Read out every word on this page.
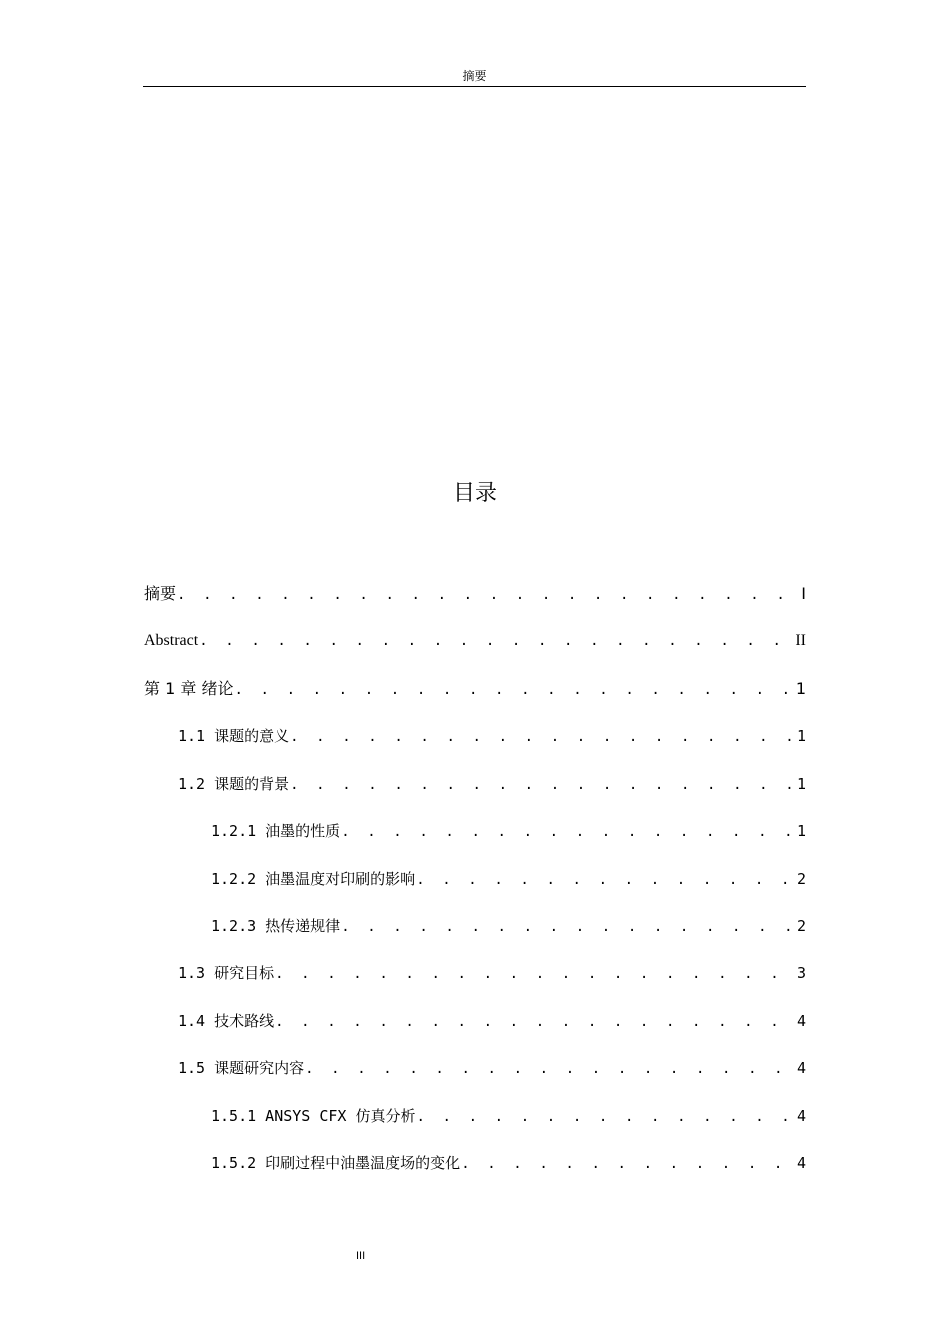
摘要
目录
摘要 . . .	I
Abstract . . .	II
第 1 章 绪论 . . .	1
1.1 课题的意义 . . .	1
1.2 课题的背景 . . .	1
1.2.1 油墨的性质 . . .	1
1.2.2 油墨温度对印刷的影响 . . .	2
1.2.3 热传递规律 . . .	2
1.3 研究目标 . . .	3
1.4 技术路线 . . .	4
1.5 课题研究内容 . . .	4
1.5.1 ANSYS CFX 仿真分析 . . .	4
1.5.2 印刷过程中油墨温度场的变化 . . .	4
III
